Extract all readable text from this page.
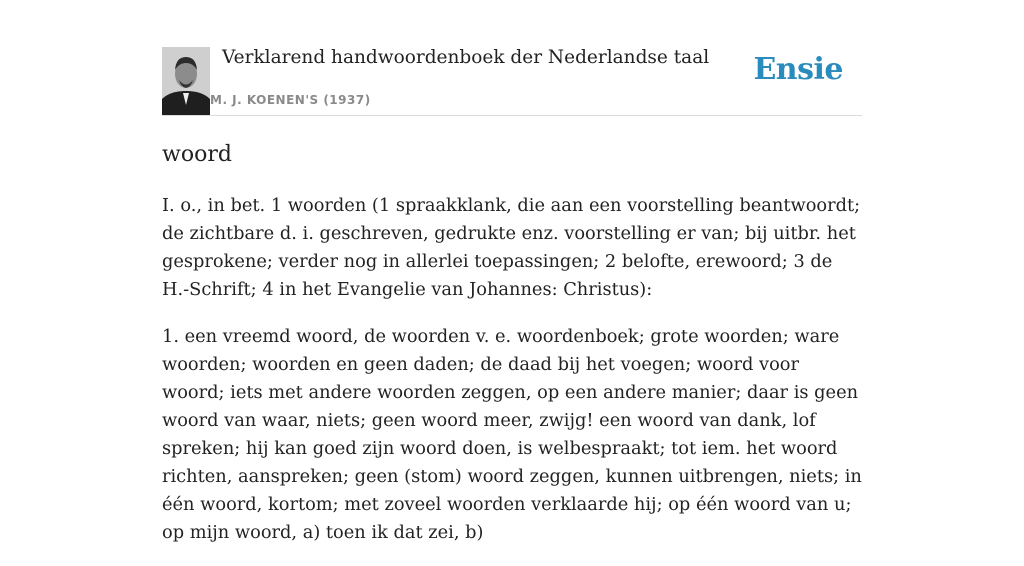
Verklarend handwoordenboek der Nederlandse taal
M. J. KOENEN'S (1937)
Ensie
woord

I. o., in bet. 1 woorden (1 spraakklank, die aan een voorstelling beantwoordt; de zichtbare d. i. geschreven, gedrukte enz. voorstelling er van; bij uitbr. het gesprokene; verder nog in allerlei toepassingen; 2 belofte, erewoord; 3 de H.-Schrift; 4 in het Evangelie van Johannes: Christus):

1. een vreemd woord, de woorden v. e. woordenboek; grote woorden; ware woorden; woorden en geen daden; de daad bij het voegen; woord voor woord; iets met andere woorden zeggen, op een andere manier; daar is geen woord van waar, niets; geen woord meer, zwijg! een woord van dank, lof spreken; hij kan goed zijn woord doen, is welbespraakt; tot iem. het woord richten, aanspreken; geen (stom) woord zeggen, kunnen uitbrengen, niets; in één woord, kortom; met zoveel woorden verklaarde hij; op één woord van u; op mijn woord, a) toen ik dat zei, b)
